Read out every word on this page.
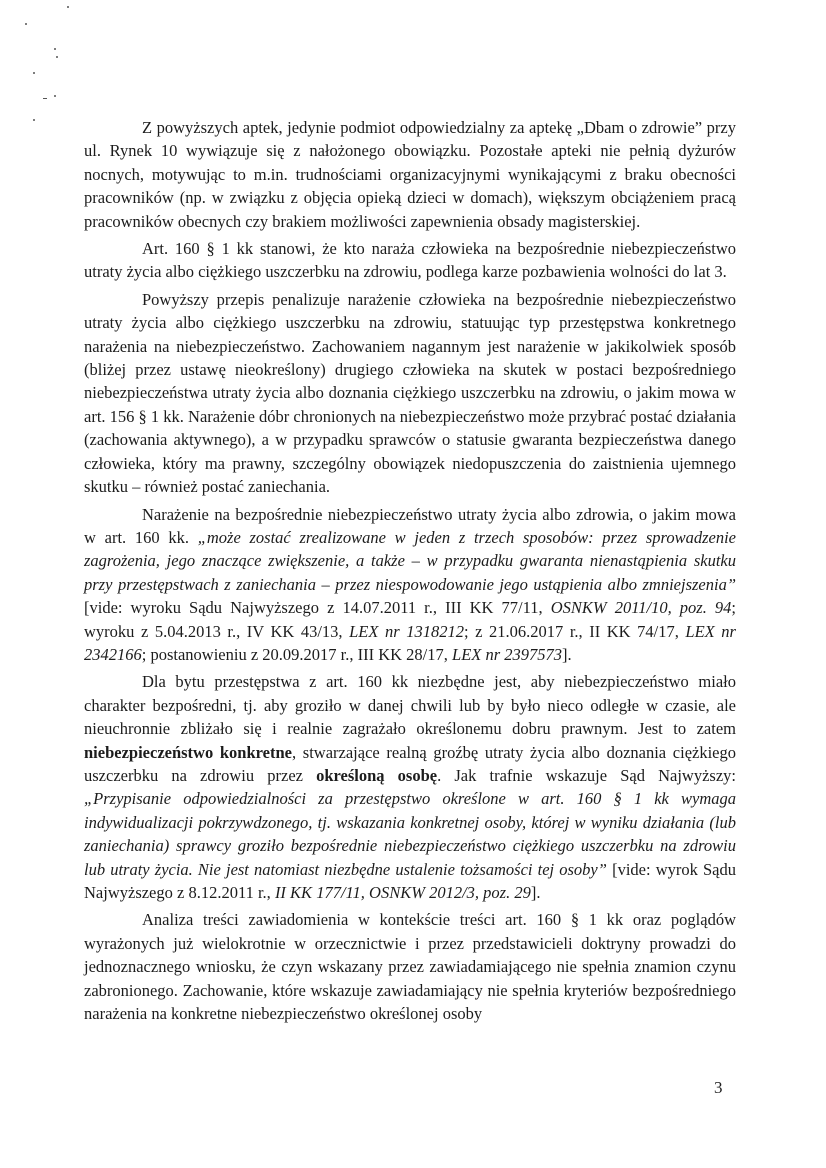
Z powyższych aptek, jedynie podmiot odpowiedzialny za aptekę „Dbam o zdrowie” przy ul. Rynek 10 wywiązuje się z nałożonego obowiązku. Pozostałe apteki nie pełnią dyżurów nocnych, motywując to m.in. trudnościami organizacyjnymi wynikającymi z braku obecności pracowników (np. w związku z objęcia opieką dzieci w domach), większym obciążeniem pracą pracowników obecnych czy brakiem możliwości zapewnienia obsady magisterskiej.

Art. 160 § 1 kk stanowi, że kto naraża człowieka na bezpośrednie niebezpieczeństwo utraty życia albo ciężkiego uszczerbku na zdrowiu, podlega karze pozbawienia wolności do lat 3.

Powyższy przepis penalizuje narażenie człowieka na bezpośrednie niebezpieczeństwo utraty życia albo ciężkiego uszczerbku na zdrowiu, statuując typ przestępstwa konkretnego narażenia na niebezpieczeństwo. Zachowaniem nagannym jest narażenie w jakikolwiek sposób (bliżej przez ustawę nieokreślony) drugiego człowieka na skutek w postaci bezpośredniego niebezpieczeństwa utraty życia albo doznania ciężkiego uszczerbku na zdrowiu, o jakim mowa w art. 156 § 1 kk. Narażenie dóbr chronionych na niebezpieczeństwo może przybrać postać działania (zachowania aktywnego), a w przypadku sprawców o statusie gwaranta bezpieczeństwa danego człowieka, który ma prawny, szczególny obowiązek niedopuszczenia do zaistnienia ujemnego skutku – również postać zaniechania.

Narażenie na bezpośrednie niebezpieczeństwo utraty życia albo zdrowia, o jakim mowa w art. 160 kk. „może zostać zrealizowane w jeden z trzech sposobów: przez sprowadzenie zagrożenia, jego znaczące zwiększenie, a także – w przypadku gwaranta nienastąpienia skutku przy przestępstwach z zaniechania – przez niespowodowanie jego ustąpienia albo zmniejszenia” [vide: wyroku Sądu Najwyższego z 14.07.2011 r., III KK 77/11, OSNKW 2011/10, poz. 94; wyroku z 5.04.2013 r., IV KK 43/13, LEX nr 1318212; z 21.06.2017 r., II KK 74/17, LEX nr 2342166; postanowieniu z 20.09.2017 r., III KK 28/17, LEX nr 2397573].

Dla bytu przestępstwa z art. 160 kk niezbędne jest, aby niebezpieczeństwo miało charakter bezpośredni, tj. aby groziło w danej chwili lub by było nieco odległe w czasie, ale nieuchronnie zbliżało się i realnie zagrażało określonemu dobru prawnym. Jest to zatem niebezpieczeństwo konkretne, stwarzające realną groźbę utraty życia albo doznania ciężkiego uszczerbku na zdrowiu przez określoną osobę. Jak trafnie wskazuje Sąd Najwyższy: „Przypisanie odpowiedzialności za przestępstwo określone w art. 160 § 1 kk wymaga indywidualizacji pokrzywdzonego, tj. wskazania konkretnej osoby, której w wyniku działania (lub zaniechania) sprawcy groziło bezpośrednie niebezpieczeństwo ciężkiego uszczerbku na zdrowiu lub utraty życia. Nie jest natomiast niezbędne ustalenie tożsamości tej osoby” [vide: wyrok Sądu Najwyższego z 8.12.2011 r., II KK 177/11, OSNKW 2012/3, poz. 29].

Analiza treści zawiadomienia w kontekście treści art. 160 § 1 kk oraz poglądów wyrażonych już wielokrotnie w orzecznictwie i przez przedstawicieli doktryny prowadzi do jednoznacznego wniosku, że czyn wskazany przez zawiadamiającego nie spełnia znamion czynu zabronionego. Zachowanie, które wskazuje zawiadamiający nie spełnia kryteriów bezpośredniego narażenia na konkretne niebezpieczeństwo określonej osoby

3
